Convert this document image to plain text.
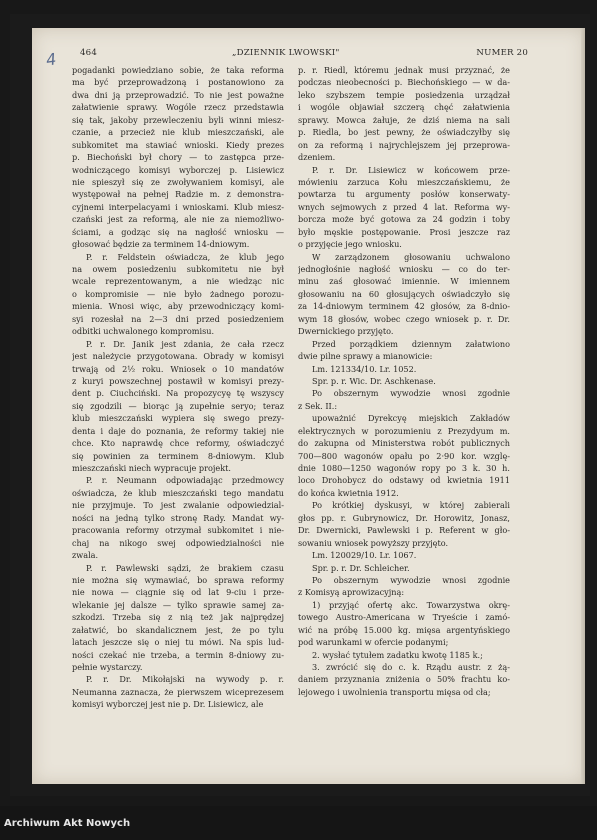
4	464	„DZIENNIK LWOWSKI"	NUMER 20
pogadanki powiedziano sobie, że taka reforma
ma być przeprowadzoną i postanowiono za
dwa dni ją przeprowadzić. To nie jest poważne
załatwienie sprawy. Wogóle rzecz przedstawia
się tak, jakoby przewleczeniu byli winni miesz-
czanie, a przecież nie klub mieszczański, ale
subkomitet ma stawiać wnioski. Kiedy prezes
p. Biechoński był chory — to zastępca prze-
wodniczącego komisyi wyborczej p. Lisiewicz
nie spieszył się ze zwoływaniem komisyi, ale
występował na pełnej Radzie m. z demonstra-
cyjnemi interpelacyami i wnioskami. Klub miesz-
czański jest za reformą, ale nie za niemożliwo-
ściami, a godząc się na nagłość wniosku —
głosować będzie za terminem 14-dniowym.
P. r. Feldstein oświadcza, że klub jego
na owem posiedzeniu subkomitetu nie był
wcale reprezentowanym, a nie wiedząc nic
o kompromisie — nie było żadnego porozu-
mienia. Wnosi więc, aby przewodniczący komi-
syi rozesłał na 2—3 dni przed posiedzeniem
odbitki uchwalonego kompromisu.
P. r. Dr. Janik jest zdania, że cała rzecz
jest należycie przygotowana. Obrady w komisyi
trwają od 2½ roku. Wniosek o 10 mandatów
z kuryi powszechnej postawił w komisyi prezy-
dent p. Ciuchciński. Na propozycyę tę wszyscy
się zgodzili — biorąc ją zupełnie seryo; teraz
klub mieszczański wypiera się swego prezy-
denta i daje do poznania, że reformy takiej nie
chce. Kto naprawdę chce reformy, oświadczyć
się powinien za terminem 8-dniowym. Klub
mieszczański niech wypracuje projekt.
P. r. Neumann odpowiadając przedmowcy
oświadcza, że klub mieszczański tego mandatu
nie przyjmuje. To jest zwalanie odpowiedzial-
ności na jedną tylko stronę Rady. Mandat wy-
pracowania reformy otrzymał subkomitet i nie-
chaj na nikogo swej odpowiedzialności nie
zwala.
P. r. Pawlewski sądzi, że brakiem czasu
nie można się wymawiać, bo sprawa reformy
nie nowa — ciągnie się od lat 9-ciu i prze-
wlekanie jej dalsze — tylko sprawie samej za-
szkodzi. Trzeba się z nią też jak najprędzej
załatwić, bo skandalicznem jest, że po tylu
latach jeszcze się o niej tu mówi. Na spis lud-
ności czekać nie trzeba, a termin 8-dniowy zu-
pełnie wystarczy.
P. r. Dr. Mikołajski na wywody p. r.
Neumanna zaznacza, że pierwszem wiceprezesem
komisyi wyborczej jest nie p. Dr. Lisiewicz, ale
p. r. Riedl, któremu jednak musi przyznać, że
podczas nieobecności p. Biechońskiego — w da-
leko szybszem tempie posiedzenia urządzał
i wogóle objawiał szczerą chęć załatwienia
sprawy. Mowca żałuje, że dziś niema na sali
p. Riedla, bo jest pewny, że oświadczyłby się
on za reformą i najrychlejszem jej przeprowa-
dzeniem.
P. r. Dr. Lisiewicz w końcowem prze-
mówieniu zarzuca Kołu mieszczańskiemu, że
powtarza tu argumenty posłów konserwaty-
wnych sejmowych z przed 4 lat. Reforma wy-
borcza może być gotowa za 24 godzin i toby
było męskie postępowanie. Prosi jeszcze raz
o przyjęcie jego wniosku.
W zarządzonem głosowaniu uchwalono
jednogłośnie nagłość wniosku — co do ter-
minu zaś głosować imiennie. W imiennem
głosowaniu na 60 głosujących oświadczyło się
za 14-dniowym terminem 42 głosów, za 8-dnio-
wym 18 głosów, wobec czego wniosek p. r. Dr.
Dwernickiego przyjęto.
Przed porządkiem dziennym załatwiono
dwie pilne sprawy a mianowicie:
Lm. 121334/10. Lr. 1052.
Spr. p. r. Wic. Dr. Aschkenase.
Po obszernym wywodzie wnosi zgodnie
z Sek. II.:
upoważnić Dyrekcyę miejskich Zakładów
elektrycznych w porozumieniu z Prezydyum m.
do zakupna od Ministerstwa robót publicznych
700—800 wagonów opału po 2·90 kor. wzglę-
dnie 1080—1250 wagonów ropy po 3 k. 30 h.
loco Drohobycz do odstawy od kwietnia 1911
do końca kwietnia 1912.
Po krótkiej dyskusyi, w której zabierali
głos pp. r. Gubrynowicz, Dr. Horowitz, Jonasz,
Dr. Dwernicki, Pawlewski i p. Referent w gło-
sowaniu wniosek powyższy przyjęto.
Lm. 120029/10. Lr. 1067.
Spr. p. r. Dr. Schleicher.
Po obszernym wywodzie wnosi zgodnie
z Komisyą aprowizacyjną:
1) przyjąć ofertę akc. Towarzystwa okrę-
towego Austro-Americana w Tryeście i zamó-
wić na próbę 15.000 kg. mięsa argentyńskiego
pod warunkami w ofercie podanymi;
2. wysłać tytułem zadatku kwotę 1185 k.;
3. zwrócić się do c. k. Rządu austr. z żą-
daniem przyznania zniżenia o 50% frachtu ko-
lejowego i uwolnienia transportu mięsa od cła;
Archiwum Akt Nowych
